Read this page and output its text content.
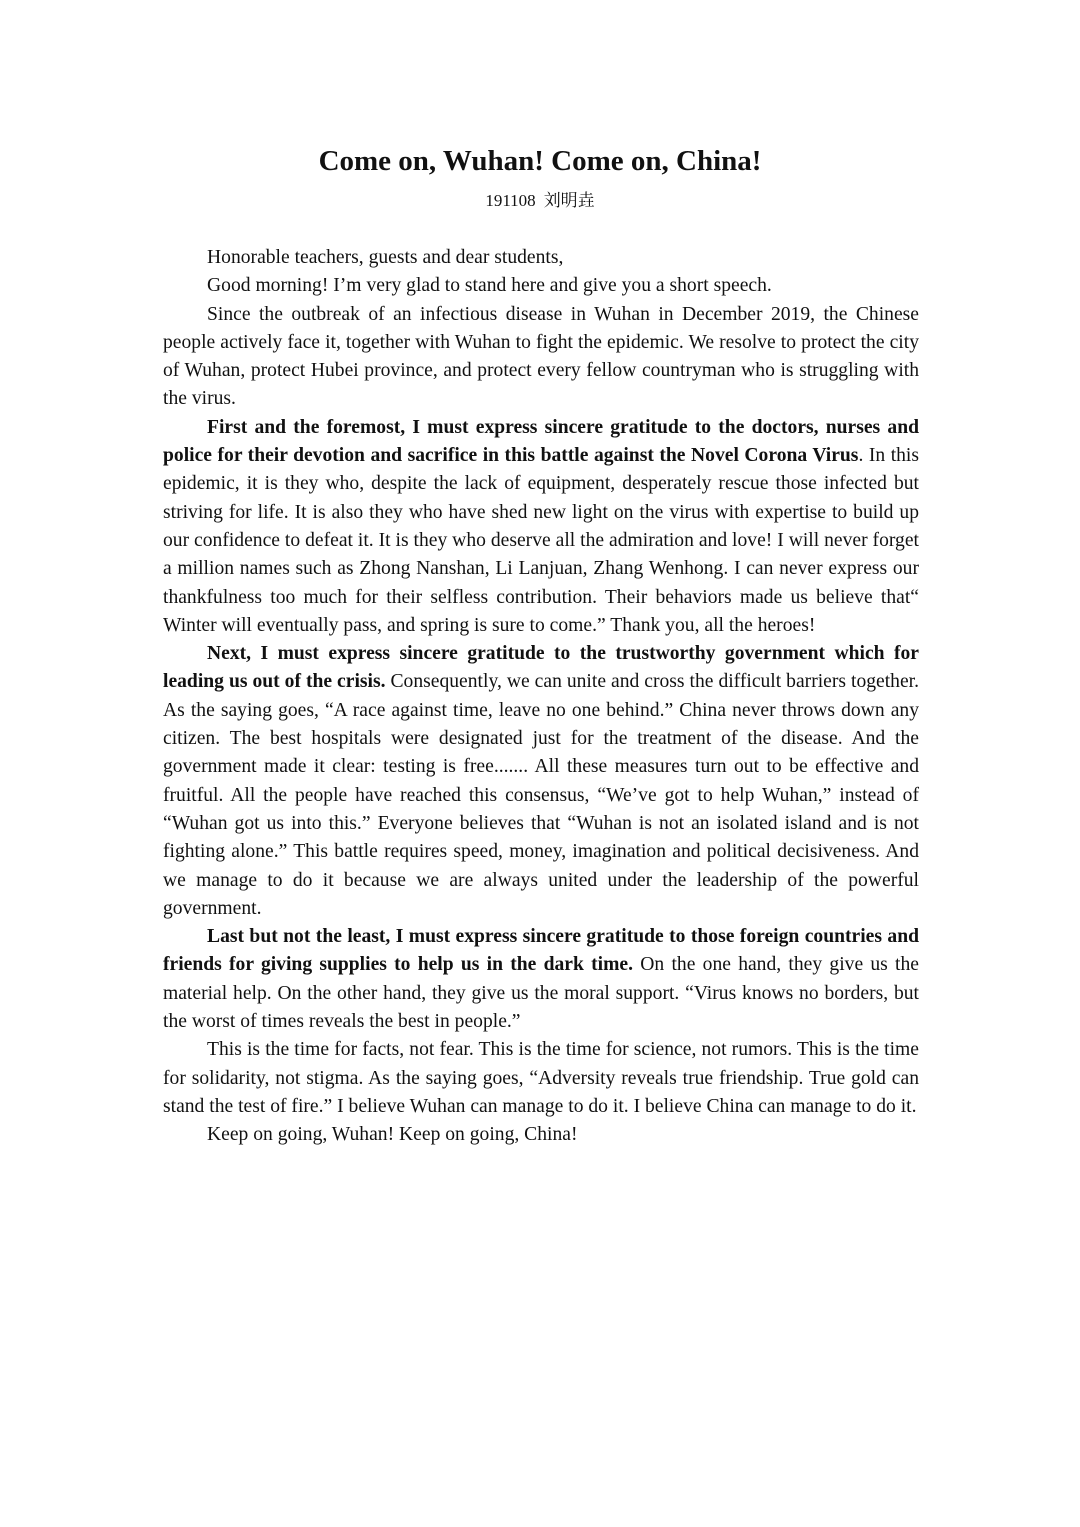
Come on, Wuhan! Come on, China!
191108 刘明垚

Honorable teachers, guests and dear students,

Good morning! I’m very glad to stand here and give you a short speech.

Since the outbreak of an infectious disease in Wuhan in December 2019, the Chinese people actively face it, together with Wuhan to fight the epidemic. We resolve to protect the city of Wuhan, protect Hubei province, and protect every fellow countryman who is struggling with the virus.

First and the foremost, I must express sincere gratitude to the doctors, nurses and police for their devotion and sacrifice in this battle against the Novel Corona Virus. In this epidemic, it is they who, despite the lack of equipment, desperately rescue those infected but striving for life. It is also they who have shed new light on the virus with expertise to build up our confidence to defeat it. It is they who deserve all the admiration and love! I will never forget a million names such as Zhong Nanshan, Li Lanjuan, Zhang Wenhong. I can never express our thankfulness too much for their selfless contribution. Their behaviors made us believe that“ Winter will eventually pass, and spring is sure to come.” Thank you, all the heroes!

Next, I must express sincere gratitude to the trustworthy government which for leading us out of the crisis. Consequently, we can unite and cross the difficult barriers together. As the saying goes, “A race against time, leave no one behind.” China never throws down any citizen. The best hospitals were designated just for the treatment of the disease. And the government made it clear: testing is free....... All these measures turn out to be effective and fruitful. All the people have reached this consensus, “We’ve got to help Wuhan,” instead of “Wuhan got us into this.” Everyone believes that “Wuhan is not an isolated island and is not fighting alone.” This battle requires speed, money, imagination and political decisiveness. And we manage to do it because we are always united under the leadership of the powerful government.

Last but not the least, I must express sincere gratitude to those foreign countries and friends for giving supplies to help us in the dark time. On the one hand, they give us the material help. On the other hand, they give us the moral support. “Virus knows no borders, but the worst of times reveals the best in people.”

This is the time for facts, not fear. This is the time for science, not rumors. This is the time for solidarity, not stigma. As the saying goes, “Adversity reveals true friendship. True gold can stand the test of fire.” I believe Wuhan can manage to do it. I believe China can manage to do it.

Keep on going, Wuhan! Keep on going, China!
